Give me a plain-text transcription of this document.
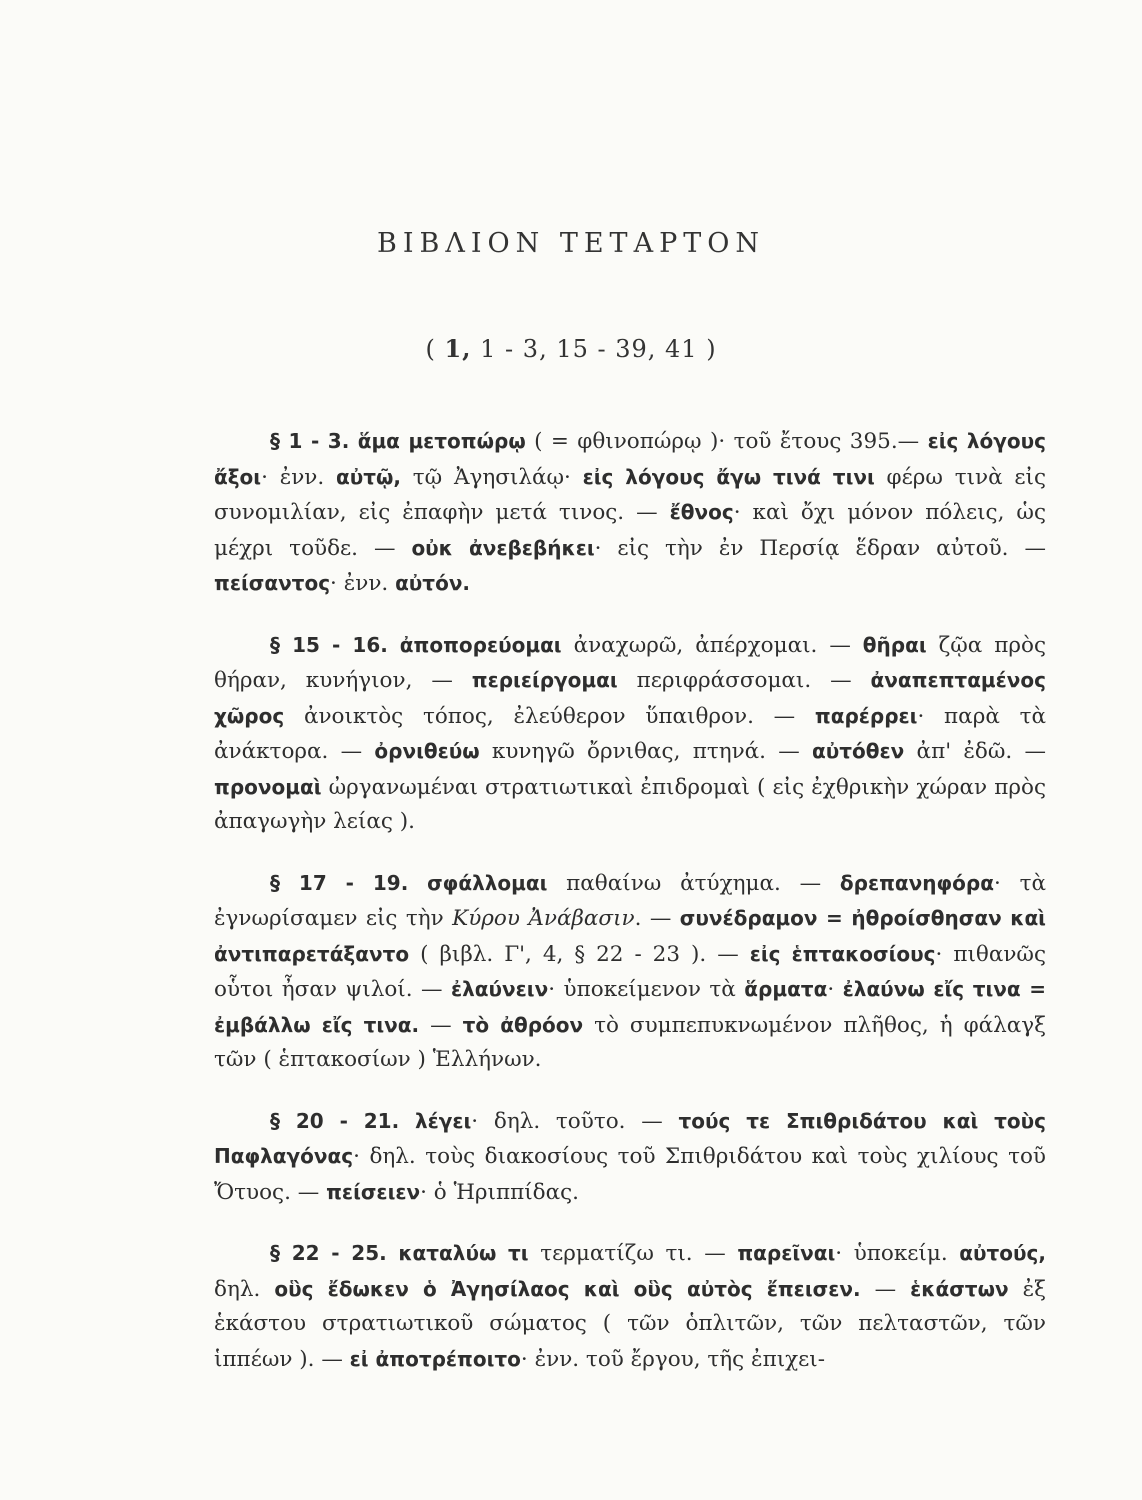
ΒΙΒΛΙΟΝ ΤΕΤΑΡΤΟΝ
( 1, 1 - 3, 15 - 39, 41 )

§ 1 - 3. ἅμα μετοπώρῳ ( = φθινοπώρῳ )· τοῦ ἔτους 395.— εἰς λόγους ἄξοι· ἐνν. αὐτῷ, τῷ Ἀγησιλάῳ· εἰς λόγους ἄγω τινά τινι φέρω τινὰ εἰς συνομιλίαν, εἰς ἐπαφὴν μετά τινος. — ἔθνος· καὶ ὄχι μόνον πόλεις, ὡς μέχρι τοῦδε. — οὐκ ἀνεβεβήκει· εἰς τὴν ἐν Περσίᾳ ἕδραν αὐτοῦ. — πείσαντος· ἐνν. αὐτόν.

§ 15 - 16. ἀποπορεύομαι ἀναχωρῶ, ἀπέρχομαι. — θῆραι ζῷα πρὸς θήραν, κυνήγιον, — περιείργομαι περιφράσσομαι. — ἀναπεπταμένος χῶρος ἀνοικτὸς τόπος, ἐλεύθερον ὕπαιθρον. — παρέρρει· παρὰ τὰ ἀνάκτορα. — ὀρνιθεύω κυνηγῶ ὄρνιθας, πτηνά. — αὐτόθεν ἀπ' ἐδῶ. — προνομαὶ ὠργανωμέναι στρατιωτικαὶ ἐπιδρομαὶ ( εἰς ἐχθρικὴν χώραν πρὸς ἀπαγωγὴν λείας ).

§ 17 - 19. σφάλλομαι παθαίνω ἀτύχημα. — δρεπανηφόρα· τὰ ἐγνωρίσαμεν εἰς τὴν Κύρου Ἀνάβασιν. — συνέδραμον = ἠθροίσθησαν καὶ ἀντιπαρετάξαντο ( βιβλ. Γ', 4, § 22 - 23 ). — εἰς ἑπτακοσίους· πιθανῶς οὗτοι ἦσαν ψιλοί. — ἐλαύνειν· ὑποκείμενον τὰ ἅρματα· ἐλαύνω εἴς τινα = ἐμβάλλω εἴς τινα. — τὸ ἀθρόον τὸ συμπεπυκνωμένον πλῆθος, ἡ φάλαγξ τῶν ( ἑπτακοσίων ) Ἑλλήνων.

§ 20 - 21. λέγει· δηλ. τοῦτο. — τούς τε Σπιθριδάτου καὶ τοὺς Παφλαγόνας· δηλ. τοὺς διακοσίους τοῦ Σπιθριδάτου καὶ τοὺς χιλίους τοῦ Ὄτυος. — πείσειεν· ὁ Ἡριππίδας.

§ 22 - 25. καταλύω τι τερματίζω τι. — παρεῖναι· ὑποκείμ. αὐτούς, δηλ. οὓς ἔδωκεν ὁ Ἀγησίλαος καὶ οὓς αὐτὸς ἔπεισεν. — ἑκάστων ἐξ ἑκάστου στρατιωτικοῦ σώματος ( τῶν ὁπλιτῶν, τῶν πελταστῶν, τῶν ἱππέων ). — εἰ ἀποτρέποιτο· ἐνν. τοῦ ἔργου, τῆς ἐπιχει-
